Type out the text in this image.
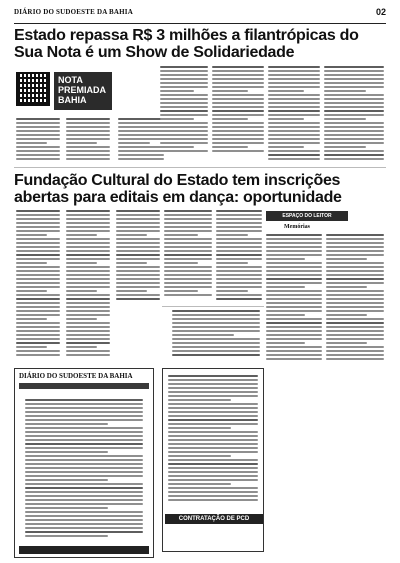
DIÁRIO DO SUDOESTE DA BAHIA	02
Estado repassa R$ 3 milhões a filantrópicas do Sua Nota é um Show de Solidariedade
NOTA
PREMIADA
BAHIA
Fundação Cultural do Estado tem inscrições abertas para editais em dança: oportunidade
ESPAÇO DO LEITOR
Memórias
DIÁRIO DO SUDOESTE DA BAHIA
CONTRATAÇÃO DE PCD
